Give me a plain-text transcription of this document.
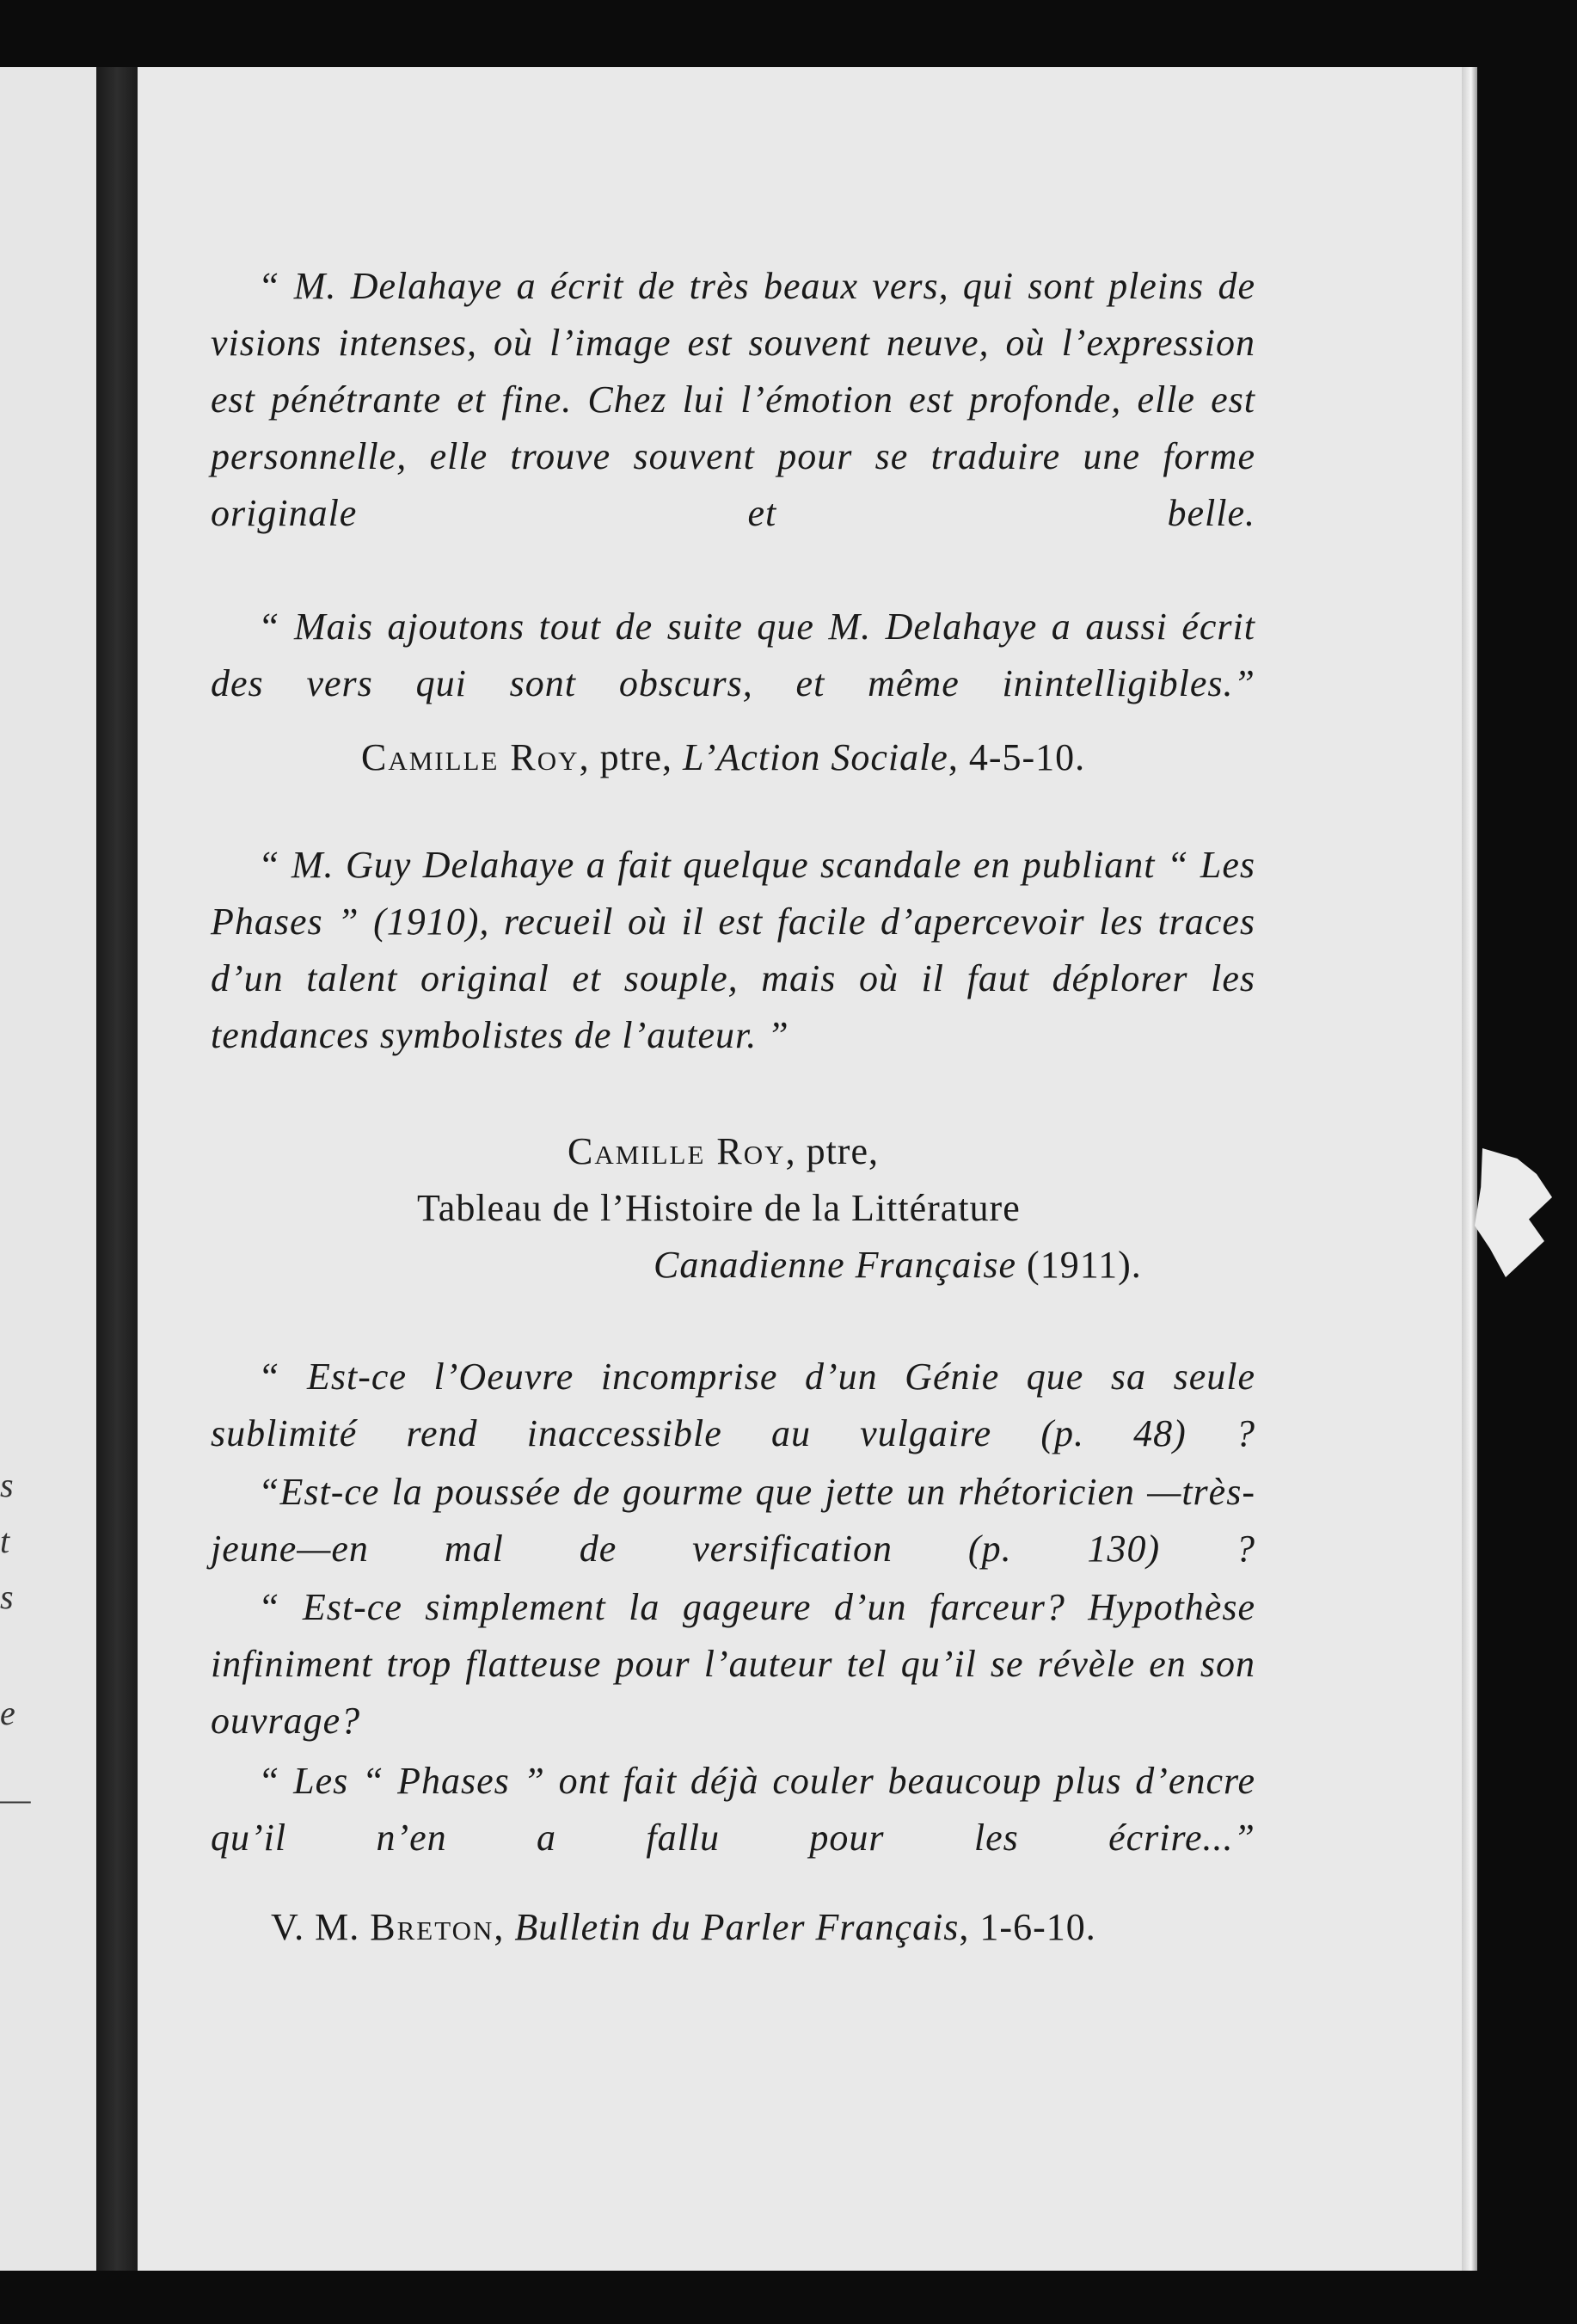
s
t
s
e
—
“ M. Delahaye a écrit de très beaux vers, qui sont pleins de visions intenses, où l’image est souvent neuve, où l’expression est pénétrante et fine. Chez lui l’émotion est profonde, elle est personnelle, elle trouve souvent pour se traduire une forme originale et belle.
“ Mais ajoutons tout de suite que M. Delahaye a aussi écrit des vers qui sont obscurs, et même inintelligibles.”
Camille Roy, ptre, L’Action Sociale, 4-5-10.
“ M. Guy Delahaye a fait quelque scandale en publiant “ Les Phases ” (1910), recueil où il est facile d’apercevoir les traces d’un talent original et souple, mais où il faut déplorer les tendances symbolistes de l’auteur. ”
Camille Roy, ptre,
Tableau de l’Histoire de la Littérature
Canadienne Française (1911).
“ Est-ce l’Oeuvre incomprise d’un Génie que sa seule sublimité rend inaccessible au vulgaire (p. 48) ?
“Est-ce la poussée de gourme que jette un rhétoricien —très-jeune—en mal de versification (p. 130) ?
“ Est-ce simplement la gageure d’un farceur? Hypothèse infiniment trop flatteuse pour l’auteur tel qu’il se révèle en son ouvrage?
“ Les “ Phases ” ont fait déjà couler beaucoup plus d’encre qu’il n’en a fallu pour les écrire...”
V. M. Breton, Bulletin du Parler Français, 1-6-10.
